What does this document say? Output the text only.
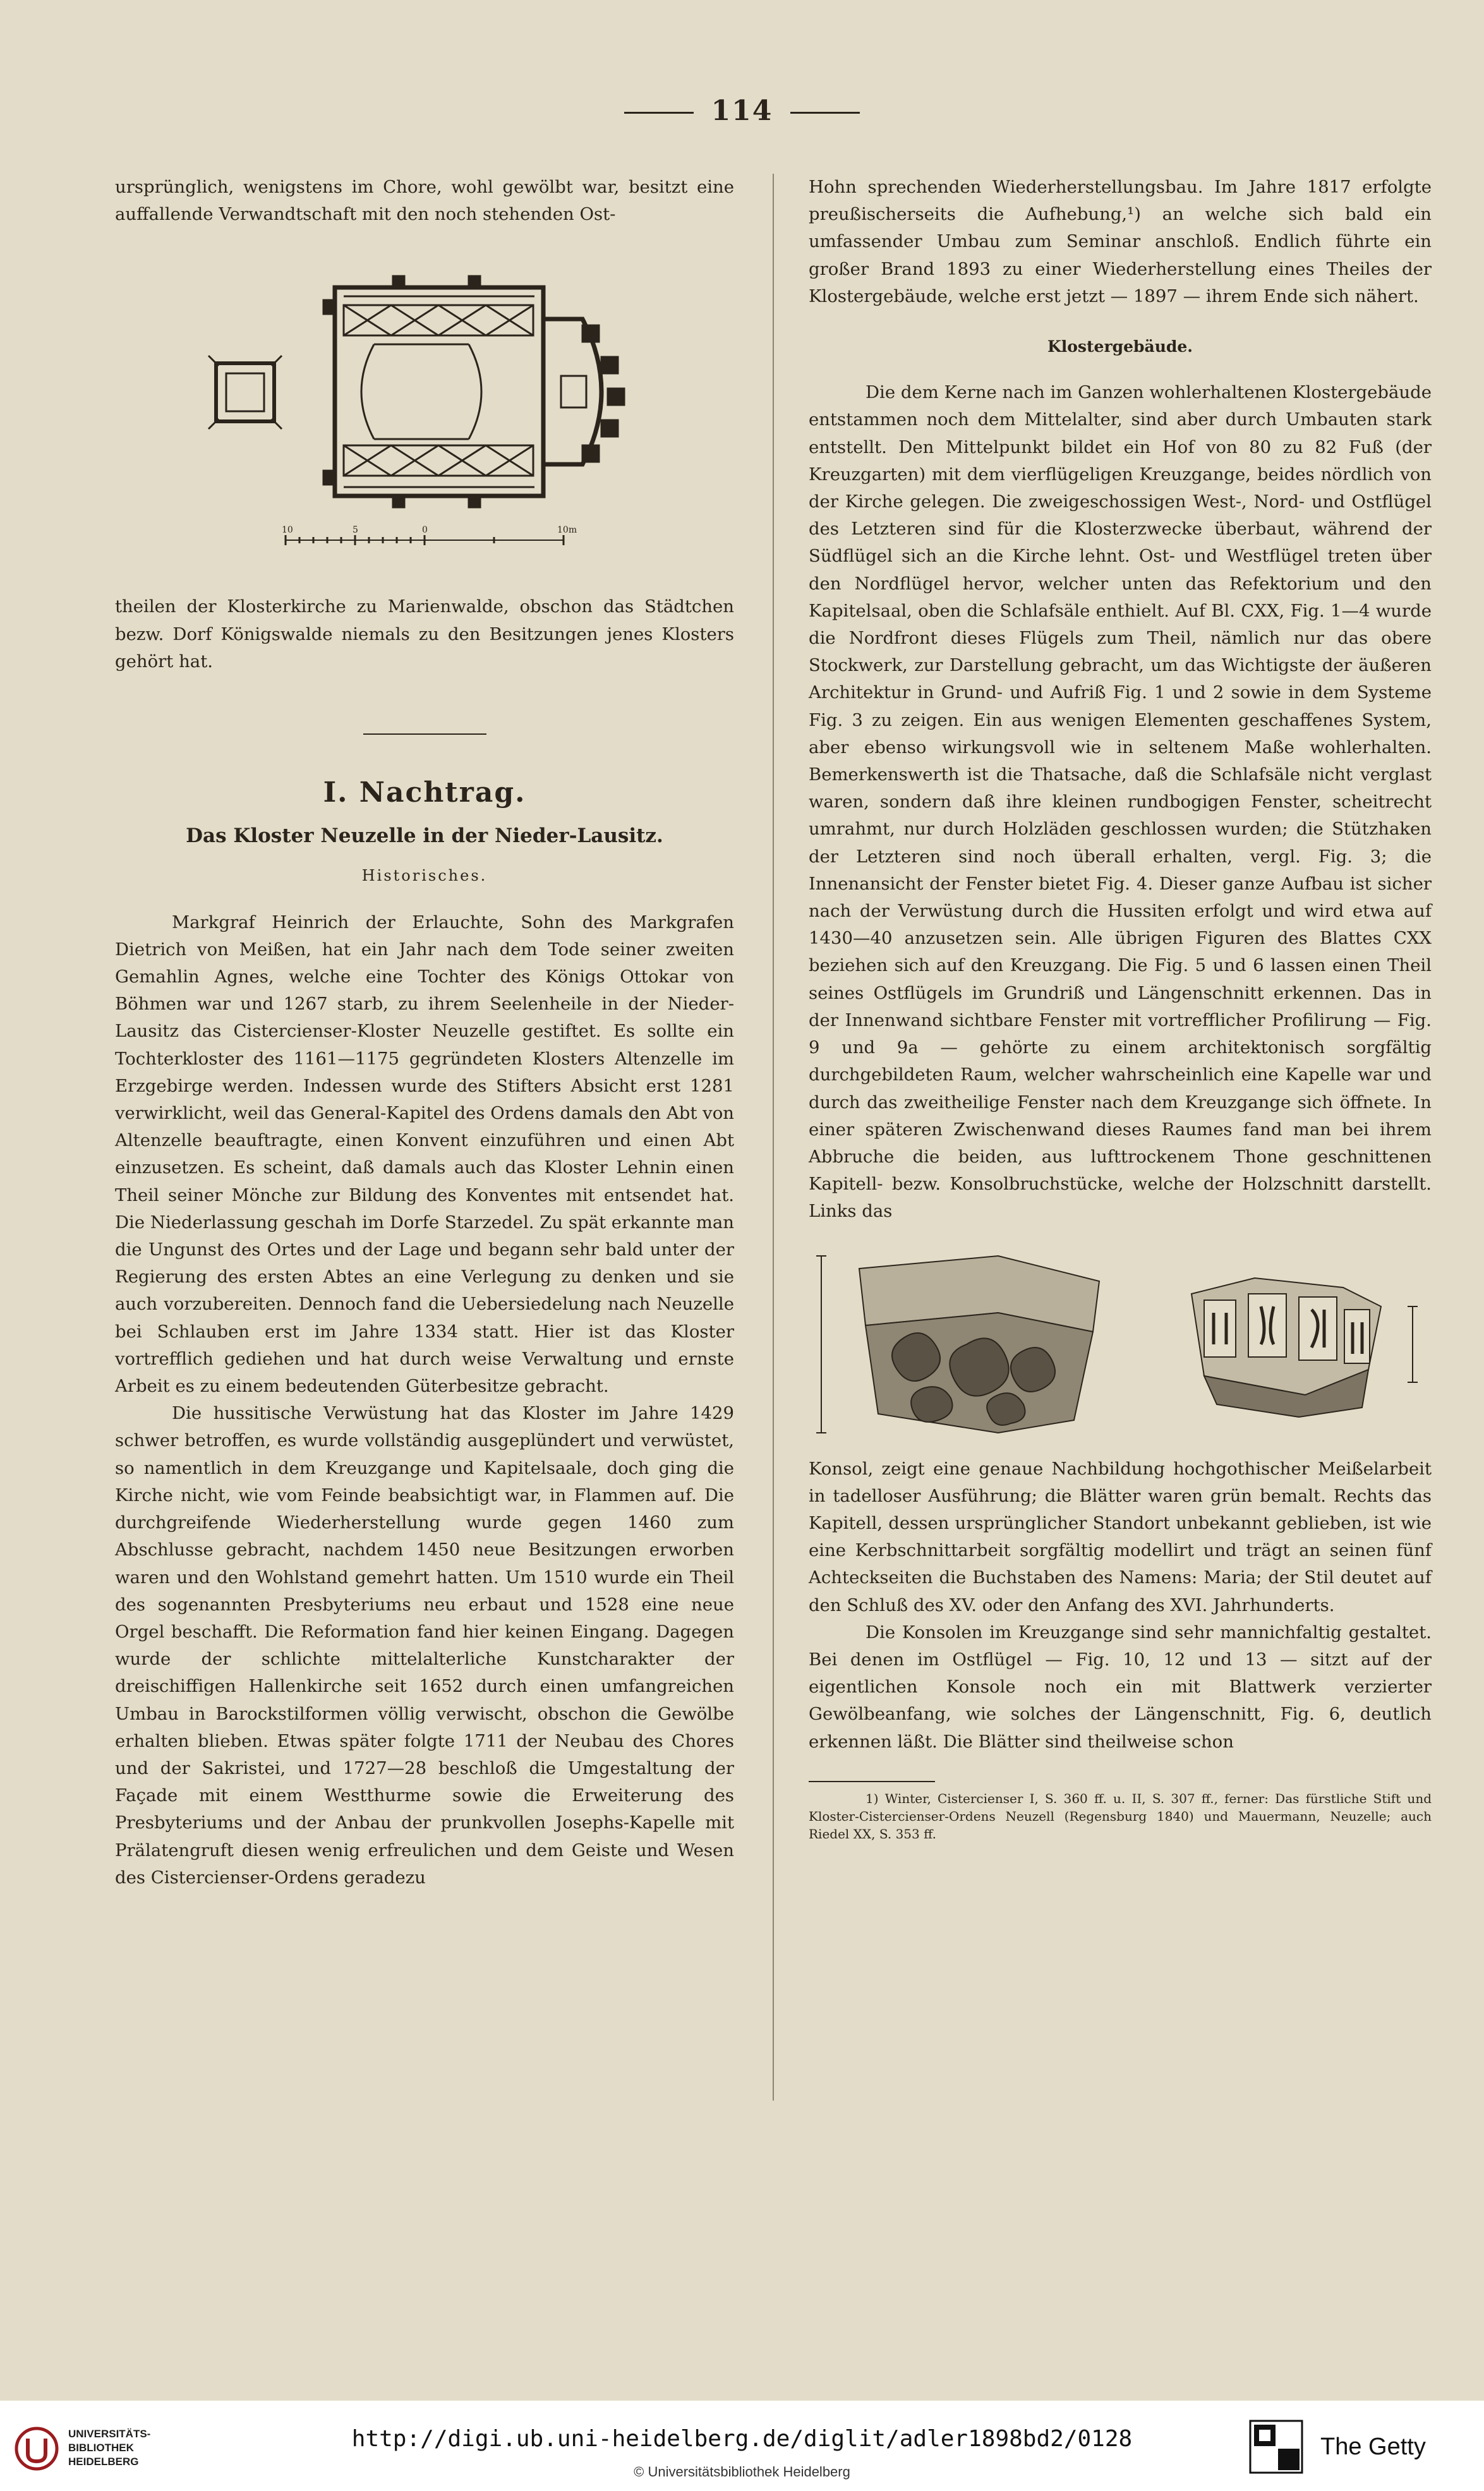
114

ursprünglich, wenigstens im Chore, wohl gewölbt war, besitzt eine auffallende Verwandtschaft mit den noch stehenden Ost-

10	5	0	10m

theilen der Klosterkirche zu Marienwalde, obschon das Städtchen bezw. Dorf Königswalde niemals zu den Besitzungen jenes Klosters gehört hat.

I. Nachtrag.
Das Kloster Neuzelle in der Nieder-Lausitz.
Historisches.

Markgraf Heinrich der Erlauchte, Sohn des Markgrafen Dietrich von Meißen, hat ein Jahr nach dem Tode seiner zweiten Gemahlin Agnes, welche eine Tochter des Königs Ottokar von Böhmen war und 1267 starb, zu ihrem Seelenheile in der Nieder-Lausitz das Cistercienser-Kloster Neuzelle gestiftet. Es sollte ein Tochterkloster des 1161—1175 gegründeten Klosters Altenzelle im Erzgebirge werden. Indessen wurde des Stifters Absicht erst 1281 verwirklicht, weil das General-Kapitel des Ordens damals den Abt von Altenzelle beauftragte, einen Konvent einzuführen und einen Abt einzusetzen. Es scheint, daß damals auch das Kloster Lehnin einen Theil seiner Mönche zur Bildung des Konventes mit entsendet hat. Die Niederlassung geschah im Dorfe Starzedel. Zu spät erkannte man die Ungunst des Ortes und der Lage und begann sehr bald unter der Regierung des ersten Abtes an eine Verlegung zu denken und sie auch vorzubereiten. Dennoch fand die Uebersiedelung nach Neuzelle bei Schlauben erst im Jahre 1334 statt. Hier ist das Kloster vortrefflich gediehen und hat durch weise Verwaltung und ernste Arbeit es zu einem bedeutenden Güterbesitze gebracht.

Die hussitische Verwüstung hat das Kloster im Jahre 1429 schwer betroffen, es wurde vollständig ausgeplündert und verwüstet, so namentlich in dem Kreuzgange und Kapitelsaale, doch ging die Kirche nicht, wie vom Feinde beabsichtigt war, in Flammen auf. Die durchgreifende Wiederherstellung wurde gegen 1460 zum Abschlusse gebracht, nachdem 1450 neue Besitzungen erworben waren und den Wohlstand gemehrt hatten. Um 1510 wurde ein Theil des sogenannten Presbyteriums neu erbaut und 1528 eine neue Orgel beschafft. Die Reformation fand hier keinen Eingang. Dagegen wurde der schlichte mittelalterliche Kunstcharakter der dreischiffigen Hallenkirche seit 1652 durch einen umfangreichen Umbau in Barockstilformen völlig verwischt, obschon die Gewölbe erhalten blieben. Etwas später folgte 1711 der Neubau des Chores und der Sakristei, und 1727—28 beschloß die Umgestaltung der Façade mit einem Westthurme sowie die Erweiterung des Presbyteriums und der Anbau der prunkvollen Josephs-Kapelle mit Prälatengruft diesen wenig erfreulichen und dem Geiste und Wesen des Cistercienser-Ordens geradezu

Hohn sprechenden Wiederherstellungsbau. Im Jahre 1817 erfolgte preußischerseits die Aufhebung,¹) an welche sich bald ein umfassender Umbau zum Seminar anschloß. Endlich führte ein großer Brand 1893 zu einer Wiederherstellung eines Theiles der Klostergebäude, welche erst jetzt — 1897 — ihrem Ende sich nähert.

Klostergebäude.

Die dem Kerne nach im Ganzen wohlerhaltenen Klostergebäude entstammen noch dem Mittelalter, sind aber durch Umbauten stark entstellt. Den Mittelpunkt bildet ein Hof von 80 zu 82 Fuß (der Kreuzgarten) mit dem vierflügeligen Kreuzgange, beides nördlich von der Kirche gelegen. Die zweigeschossigen West-, Nord- und Ostflügel des Letzteren sind für die Klosterzwecke überbaut, während der Südflügel sich an die Kirche lehnt. Ost- und Westflügel treten über den Nordflügel hervor, welcher unten das Refektorium und den Kapitelsaal, oben die Schlafsäle enthielt. Auf Bl. CXX, Fig. 1—4 wurde die Nordfront dieses Flügels zum Theil, nämlich nur das obere Stockwerk, zur Darstellung gebracht, um das Wichtigste der äußeren Architektur in Grund- und Aufriß Fig. 1 und 2 sowie in dem Systeme Fig. 3 zu zeigen. Ein aus wenigen Elementen geschaffenes System, aber ebenso wirkungsvoll wie in seltenem Maße wohlerhalten. Bemerkenswerth ist die Thatsache, daß die Schlafsäle nicht verglast waren, sondern daß ihre kleinen rundbogigen Fenster, scheitrecht umrahmt, nur durch Holzläden geschlossen wurden; die Stützhaken der Letzteren sind noch überall erhalten, vergl. Fig. 3; die Innenansicht der Fenster bietet Fig. 4. Dieser ganze Aufbau ist sicher nach der Verwüstung durch die Hussiten erfolgt und wird etwa auf 1430—40 anzusetzen sein. Alle übrigen Figuren des Blattes CXX beziehen sich auf den Kreuzgang. Die Fig. 5 und 6 lassen einen Theil seines Ostflügels im Grundriß und Längenschnitt erkennen. Das in der Innenwand sichtbare Fenster mit vortrefflicher Profilirung — Fig. 9 und 9a — gehörte zu einem architektonisch sorgfältig durchgebildeten Raum, welcher wahrscheinlich eine Kapelle war und durch das zweitheilige Fenster nach dem Kreuzgange sich öffnete. In einer späteren Zwischenwand dieses Raumes fand man bei ihrem Abbruche die beiden, aus lufttrockenem Thone geschnittenen Kapitell- bezw. Konsolbruchstücke, welche der Holzschnitt darstellt. Links das

Konsol, zeigt eine genaue Nachbildung hochgothischer Meißelarbeit in tadelloser Ausführung; die Blätter waren grün bemalt. Rechts das Kapitell, dessen ursprünglicher Standort unbekannt geblieben, ist wie eine Kerbschnittarbeit sorgfältig modellirt und trägt an seinen fünf Achteckseiten die Buchstaben des Namens: Maria; der Stil deutet auf den Schluß des XV. oder den Anfang des XVI. Jahrhunderts.

Die Konsolen im Kreuzgange sind sehr mannichfaltig gestaltet. Bei denen im Ostflügel — Fig. 10, 12 und 13 — sitzt auf der eigentlichen Konsole noch ein mit Blattwerk verzierter Gewölbeanfang, wie solches der Längenschnitt, Fig. 6, deutlich erkennen läßt. Die Blätter sind theilweise schon

1) Winter, Cistercienser I, S. 360 ff. u. II, S. 307 ff., ferner: Das fürstliche Stift und Kloster-Cistercienser-Ordens Neuzell (Regensburg 1840) und Mauermann, Neuzelle; auch Riedel XX, S. 353 ff.

UNIVERSITÄTS-
BIBLIOTHEK
HEIDELBERG
http://digi.ub.uni-heidelberg.de/diglit/adler1898bd2/0128
© Universitätsbibliothek Heidelberg
The Getty
